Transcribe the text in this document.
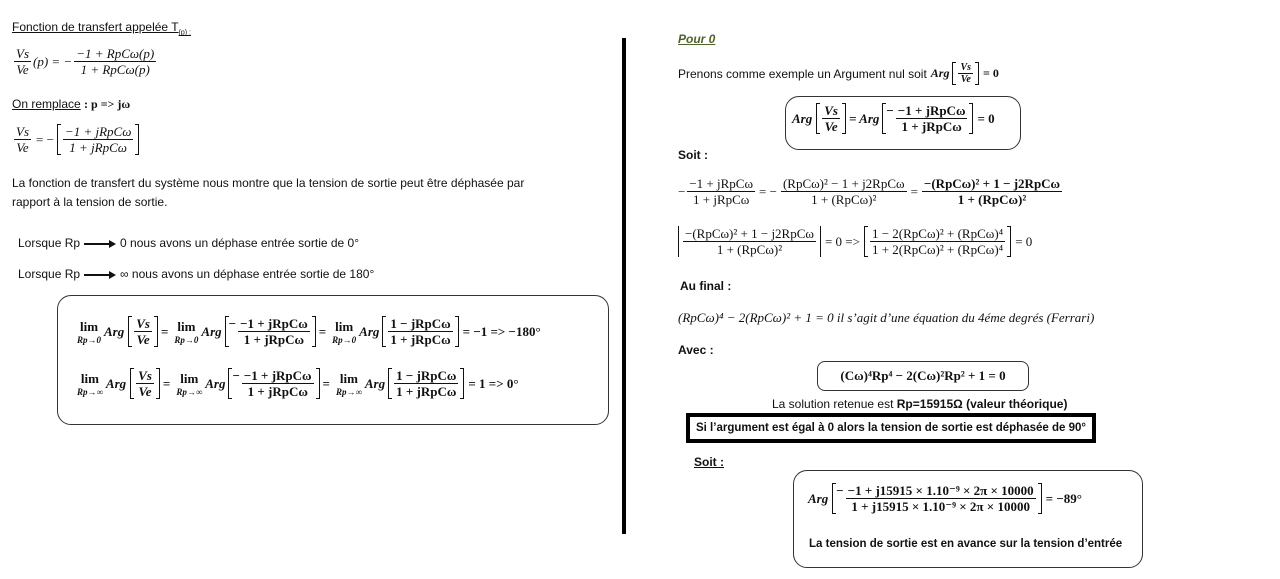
Fonction de transfert appelée $T_{(p) :}$
$\frac{Vs}{Ve} (p)$ = − $\frac{\text{−1 + RpCω(p)}}{\text{1 + RpCω(p)}}$
On remplace : p => jω
$\frac{Vs}{Ve}$ = − $\frac{\text{−1 + jRpCω}}{\text{1 + jRpCω}}$
La fonction de transfert du système nous montre que la tension de sortie peut être déphasée par
rapport à la tension de sortie.
Lorsque Rp	0 nous avons un déphase entrée sortie de 0°
Lorsque Rp	∞ nous avons un déphase entrée sortie de 180°
lim
Rp→0
Arg $\frac{Vs}{Ve} = \lim$
Rp→0
Arg − $\frac{\text{−1 + jRpCω}}{\text{1 + jRpCω}} = \lim$
Rp→0
Arg $\frac{\text{1 − jRpCω}}{\text{1 + jRpCω}} = -1 => -180^\circ$
lim
Rp→∞
Arg $\frac{Vs}{Ve} = \lim$
Rp→∞
Arg − $\frac{\text{−1 + jRpCω}}{\text{1 + jRpCω}} = \lim$
Rp→∞
Arg $\frac{\text{1 − jRpCω}}{\text{1 + jRpCω}} = 1 => 0^\circ$
Pour 0
Prenons comme exemple un Argument nul soit Arg $\frac{Vs}{Ve} = 0$
Arg $\frac{Vs}{Ve}$ = Arg − $\frac{\text{−1 + jRpCω}}{\text{1 + jRpCω}} = 0$
Soit :
− $\frac{\text{−1 + jRpCω}}{\text{1 + jRpCω}}$ = − $\frac{\text{(RpCω)² − 1 + j2RpCω}}{\text{1 + (RpCω)²}} = \frac{\text{−(RpCω)² + 1 − j2RpCω}}{\text{1 + (RpCω)²}}$
$\frac{\text{−(RpCω)² + 1 − j2RpCω}}{\text{1 + (RpCω)²}} = 0 => \frac{\text{1 − 2(RpCω)² + (RpCω)⁴}}{\text{1 + 2(RpCω)² + (RpCω)⁴}} = 0$
Au final :
(RpCω)⁴ − 2(RpCω)² + 1 = 0 il s’agit d’une équation du 4éme degrés (Ferrari)
Avec :
(Cω)⁴Rp⁴ − 2(Cω)²Rp² + 1 = 0
La solution retenue est Rp=15915Ω (valeur théorique)
Si l’argument est égal à 0 alors la tension de sortie est déphasée de 90°
Soit :
Arg − $\frac{\text{−1 + j15915 × 1.10⁻⁹ × 2π × 10000}}{\text{1 + j15915 × 1.10⁻⁹ × 2π × 10000}} = -89^\circ$
La tension de sortie est en avance sur la tension d’entrée
